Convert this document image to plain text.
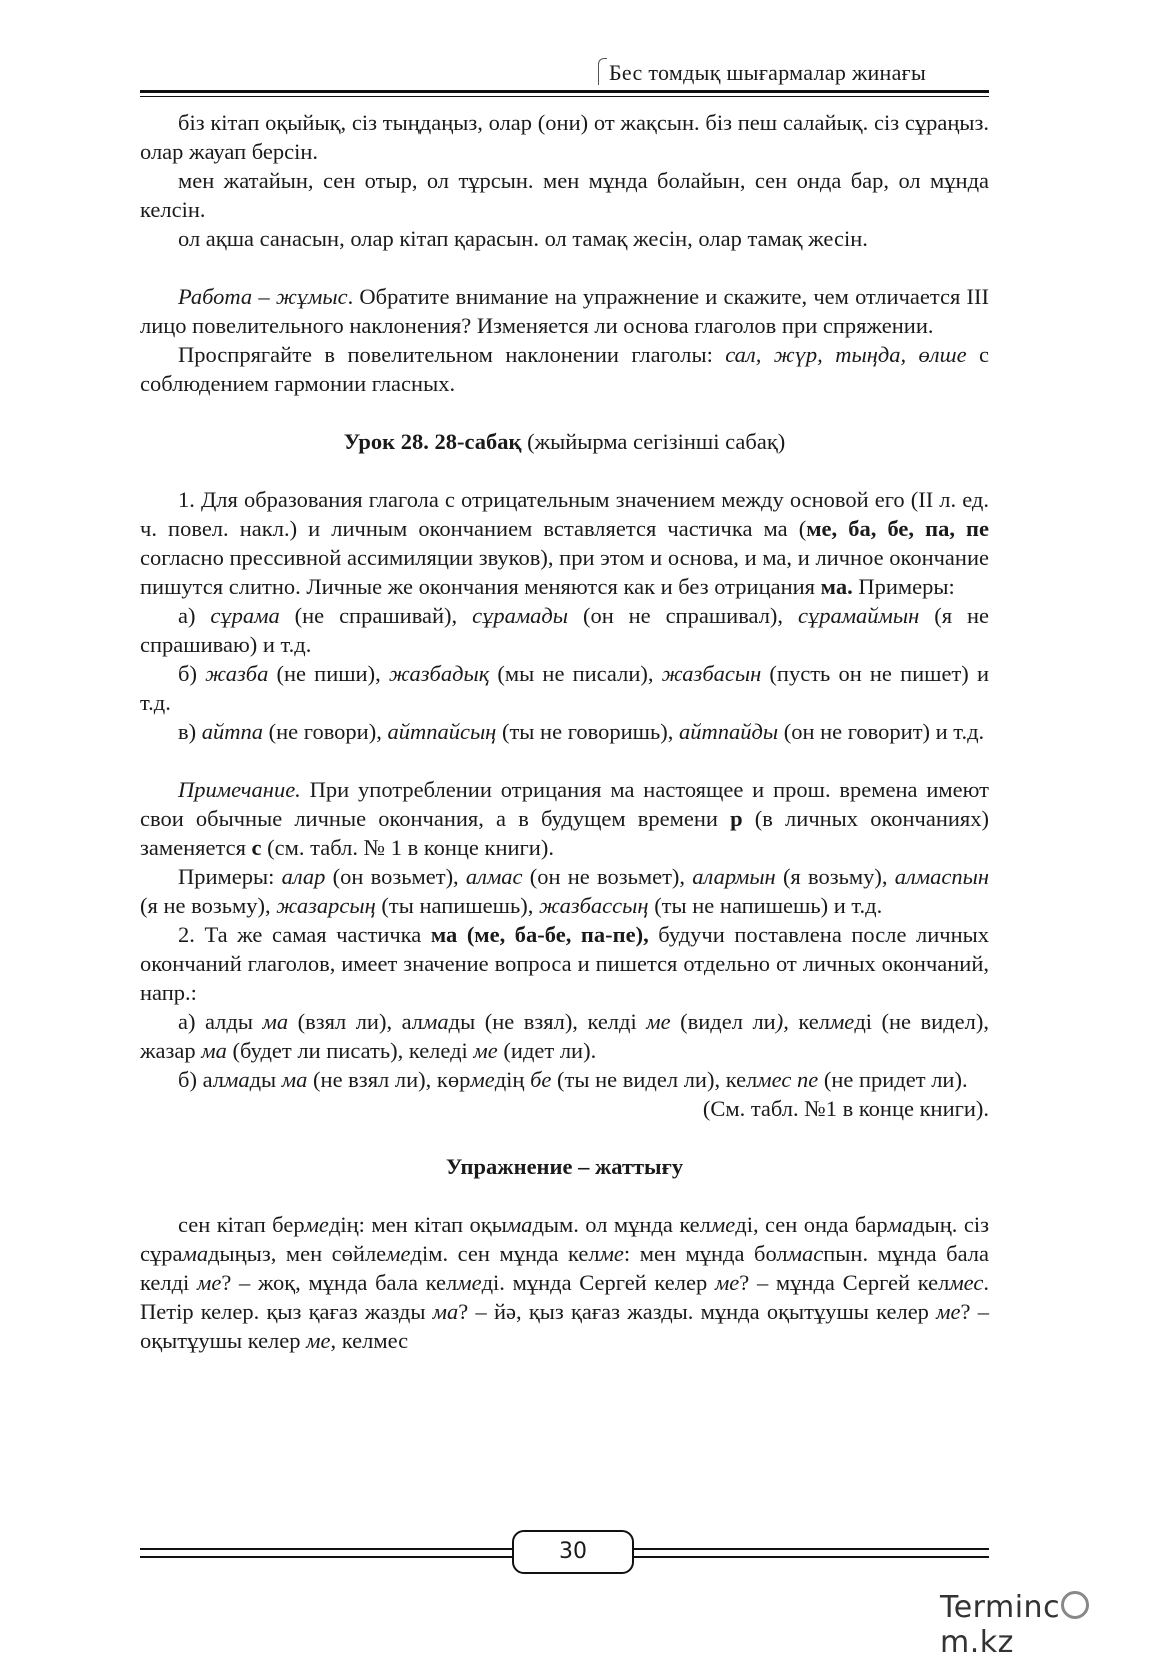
Бес томдық шығармалар жинағы

біз кітап оқыйық, сіз тыңдаңыз, олар (они) от жақсын. біз пеш салайық. сіз сұраңыз. олар жауап берсін.

мен жатайын, сен отыр, ол тұрсын. мен мұнда болайын, сен онда бар, ол мұнда келсін.

ол ақша санасын, олар кітап қарасын. ол тамақ жесін, олар тамақ жесін.

Работа – жұмыс. Обратите внимание на упражнение и скажите, чем отличается III лицо повелительного наклонения? Изменяется ли основа глаголов при спряжении.

Проспрягайте в повелительном наклонении глаголы: сал, жүр, тыңда, өлше с соблюдением гармонии гласных.

Урок 28. 28-сабақ (жыйырма сегізінші сабақ)

1. Для образования глагола с отрицательным значением между основой его (II л. ед. ч. повел. накл.) и личным окончанием вставляется частичка ма (ме, ба, бе, па, пе согласно прессивной ассимиляции звуков), при этом и основа, и ма, и личное окончание пишутся слитно. Личные же окончания меняются как и без отрицания ма. Примеры:

а) сұрама (не спрашивай), сұрамады (он не спрашивал), сұрамаймын (я не спрашиваю) и т.д.

б) жазба (не пиши), жазбадық (мы не писали), жазбасын (пусть он не пишет) и т.д.

в) айтпа (не говори), айтпайсың (ты не говоришь), айтпайды (он не говорит) и т.д.

Примечание. При употреблении отрицания ма настоящее и прош. времена имеют свои обычные личные окончания, а в будущем времени р (в личных окончаниях) заменяется с (см. табл. № 1 в конце книги).

Примеры: алар (он возьмет), алмас (он не возьмет), алармын (я возьму), алмаспын (я не возьму), жазарсың (ты напишешь), жазбассың (ты не напишешь) и т.д.

2. Та же самая частичка ма (ме, ба-бе, па-пе), будучи поставлена после личных окончаний глаголов, имеет значение вопроса и пишется отдельно от личных окончаний, напр.:

а) алды ма (взял ли), алмады (не взял), келді ме (видел ли), келмеді (не видел), жазар ма (будет ли писать), келеді ме (идет ли).

б) алмады ма (не взял ли), көрмедің бе (ты не видел ли), келмес пе (не придет ли).

(См. табл. №1 в конце книги).

Упражнение – жаттығу

сен кітап бермедің: мен кітап оқымадым. ол мұнда келмеді, сен онда бармадың. сіз сұрамадыңыз, мен сөйлемедім. сен мұнда келме: мен мұнда болмаспын. мұнда бала келді ме? – жоқ, мұнда бала келмеді. мұнда Сергей келер ме? – мұнда Сергей келмес. Петір келер. қыз қағаз жазды ма? – йә, қыз қағаз жазды. мұнда оқытұушы келер ме? – оқытұушы келер ме, келмес

30
Termincm.kz
